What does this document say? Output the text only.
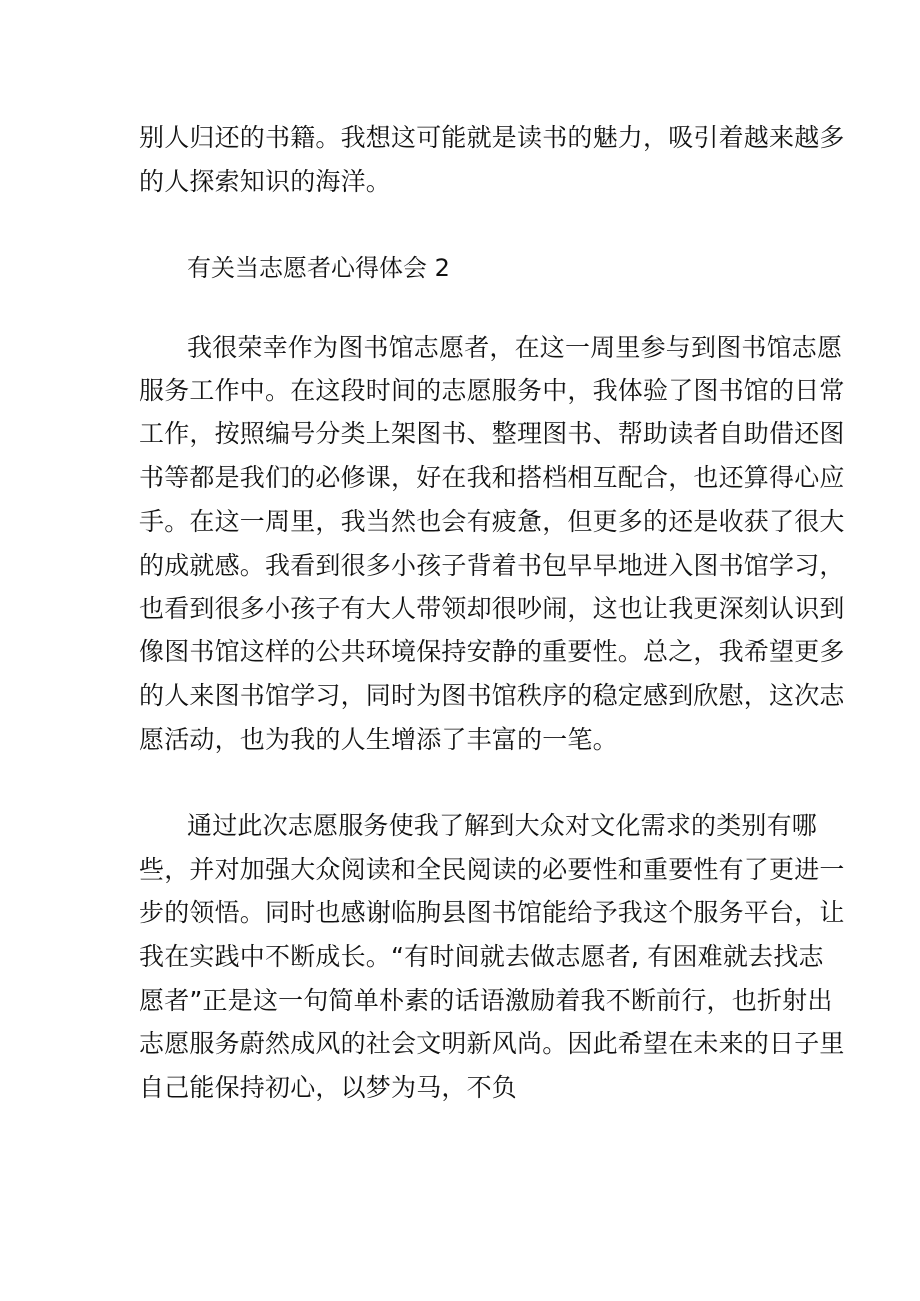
别人归还的书籍。我想这可能就是读书的魅力，吸引着越来越多
的人探索知识的海洋。
有关当志愿者心得体会 2
我很荣幸作为图书馆志愿者，在这一周里参与到图书馆志愿
服务工作中。在这段时间的志愿服务中，我体验了图书馆的日常
工作，按照编号分类上架图书、整理图书、帮助读者自助借还图
书等都是我们的必修课，好在我和搭档相互配合，也还算得心应
手。在这一周里，我当然也会有疲惫，但更多的还是收获了很大
的成就感。我看到很多小孩子背着书包早早地进入图书馆学习，
也看到很多小孩子有大人带领却很吵闹，这也让我更深刻认识到
像图书馆这样的公共环境保持安静的重要性。总之，我希望更多
的人来图书馆学习，同时为图书馆秩序的稳定感到欣慰，这次志
愿活动，也为我的人生增添了丰富的一笔。
通过此次志愿服务使我了解到大众对文化需求的类别有哪
些，并对加强大众阅读和全民阅读的必要性和重要性有了更进一
步的领悟。同时也感谢临朐县图书馆能给予我这个服务平台，让
我在实践中不断成长。“有时间就去做志愿者, 有困难就去找志
愿者”正是这一句简单朴素的话语激励着我不断前行，也折射出
志愿服务蔚然成风的社会文明新风尚。因此希望在未来的日子里
自己能保持初心，以梦为马，不负
